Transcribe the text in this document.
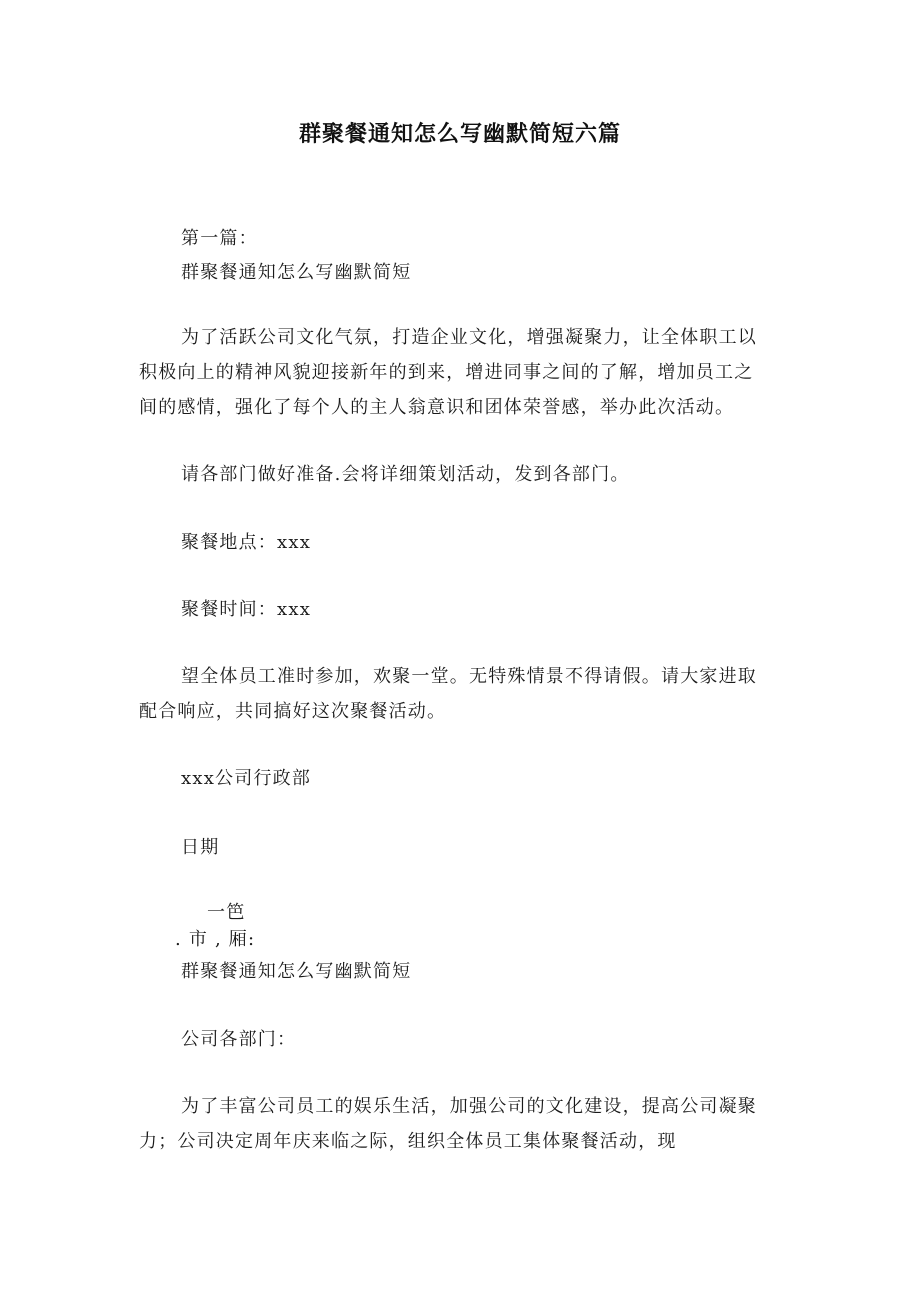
群聚餐通知怎么写幽默简短六篇
第一篇：
群聚餐通知怎么写幽默简短
为了活跃公司文化气氛，打造企业文化，增强凝聚力，让全体职工以
积极向上的精神风貌迎接新年的到来，增进同事之间的了解，增加员工之
间的感情，强化了每个人的主人翁意识和团体荣誉感，举办此次活动。
请各部门做好准备.会将详细策划活动，发到各部门。
聚餐地点：xxx
聚餐时间：xxx
望全体员工准时参加，欢聚一堂。无特殊情景不得请假。请大家进取
配合响应，共同搞好这次聚餐活动。
xxx公司行政部
日期
一笆
. 市 , 厢:
群聚餐通知怎么写幽默简短
公司各部门：
为了丰富公司员工的娱乐生活，加强公司的文化建设，提高公司凝聚
力；公司决定周年庆来临之际，组织全体员工集体聚餐活动，现
